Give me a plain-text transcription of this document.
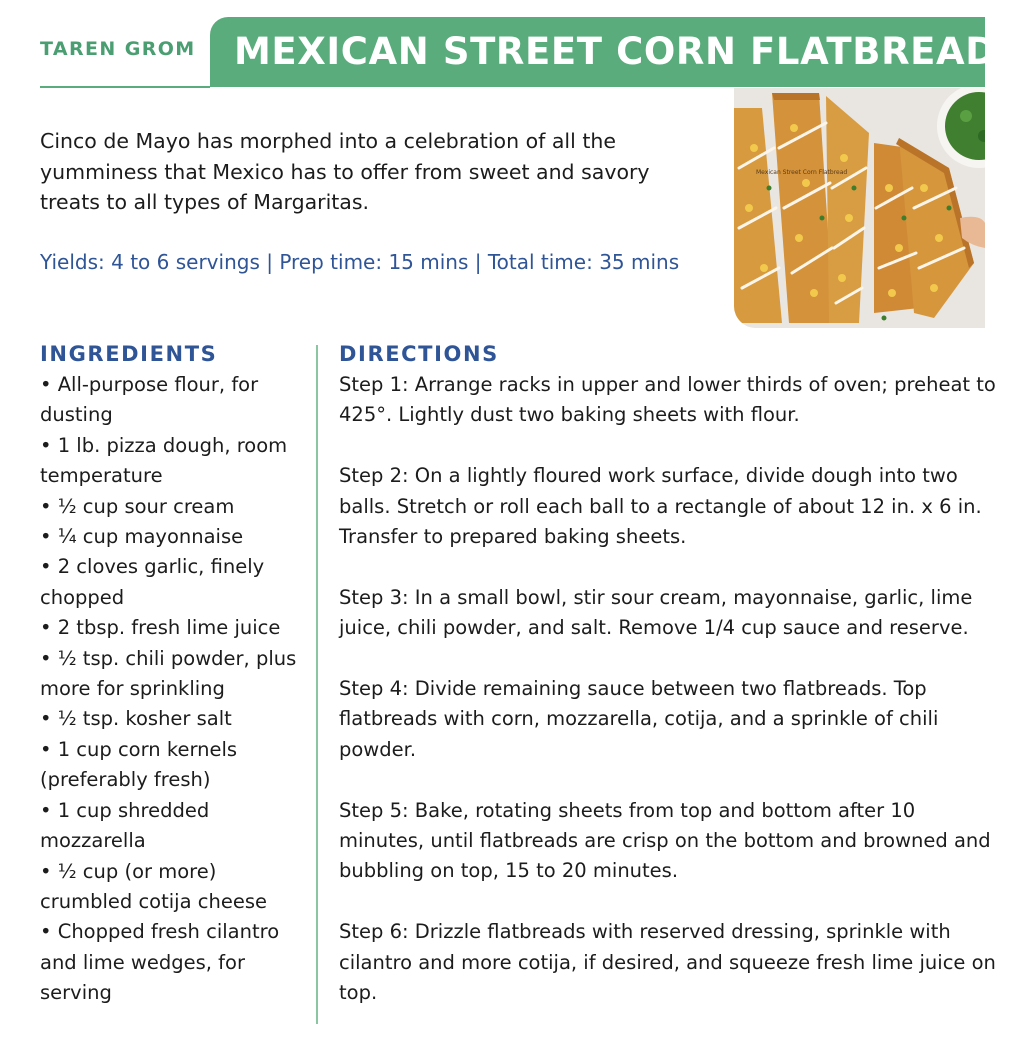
TAREN GROM MEXICAN STREET CORN FLATBREAD
Cinco de Mayo has morphed into a celebration of all the yumminess that Mexico has to offer from sweet and savory treats to all types of Margaritas.
Yields: 4 to 6 servings | Prep time: 15 mins | Total time: 35 mins
Mexican Street Corn Flatbread
INGREDIENTS
• All-purpose flour, for dusting
• 1 lb. pizza dough, room temperature
• ½ cup sour cream
• ¼ cup mayonnaise
• 2 cloves garlic, finely chopped
• 2 tbsp. fresh lime juice
• ½ tsp. chili powder, plus more for sprinkling
• ½ tsp. kosher salt
• 1 cup corn kernels (preferably fresh)
• 1 cup shredded mozzarella
• ½ cup (or more) crumbled cotija cheese
• Chopped fresh cilantro and lime wedges, for serving
DIRECTIONS
Step 1: Arrange racks in upper and lower thirds of oven; preheat to 425°. Lightly dust two baking sheets with flour.
Step 2: On a lightly floured work surface, divide dough into two balls. Stretch or roll each ball to a rectangle of about 12 in. x 6 in. Transfer to prepared baking sheets.
Step 3: In a small bowl, stir sour cream, mayonnaise, garlic, lime juice, chili powder, and salt. Remove 1/4 cup sauce and reserve.
Step 4: Divide remaining sauce between two flatbreads. Top flatbreads with corn, mozzarella, cotija, and a sprinkle of chili powder.
Step 5: Bake, rotating sheets from top and bottom after 10 minutes, until flatbreads are crisp on the bottom and browned and bubbling on top, 15 to 20 minutes.
Step 6: Drizzle flatbreads with reserved dressing, sprinkle with cilantro and more cotija, if desired, and squeeze fresh lime juice on top.
